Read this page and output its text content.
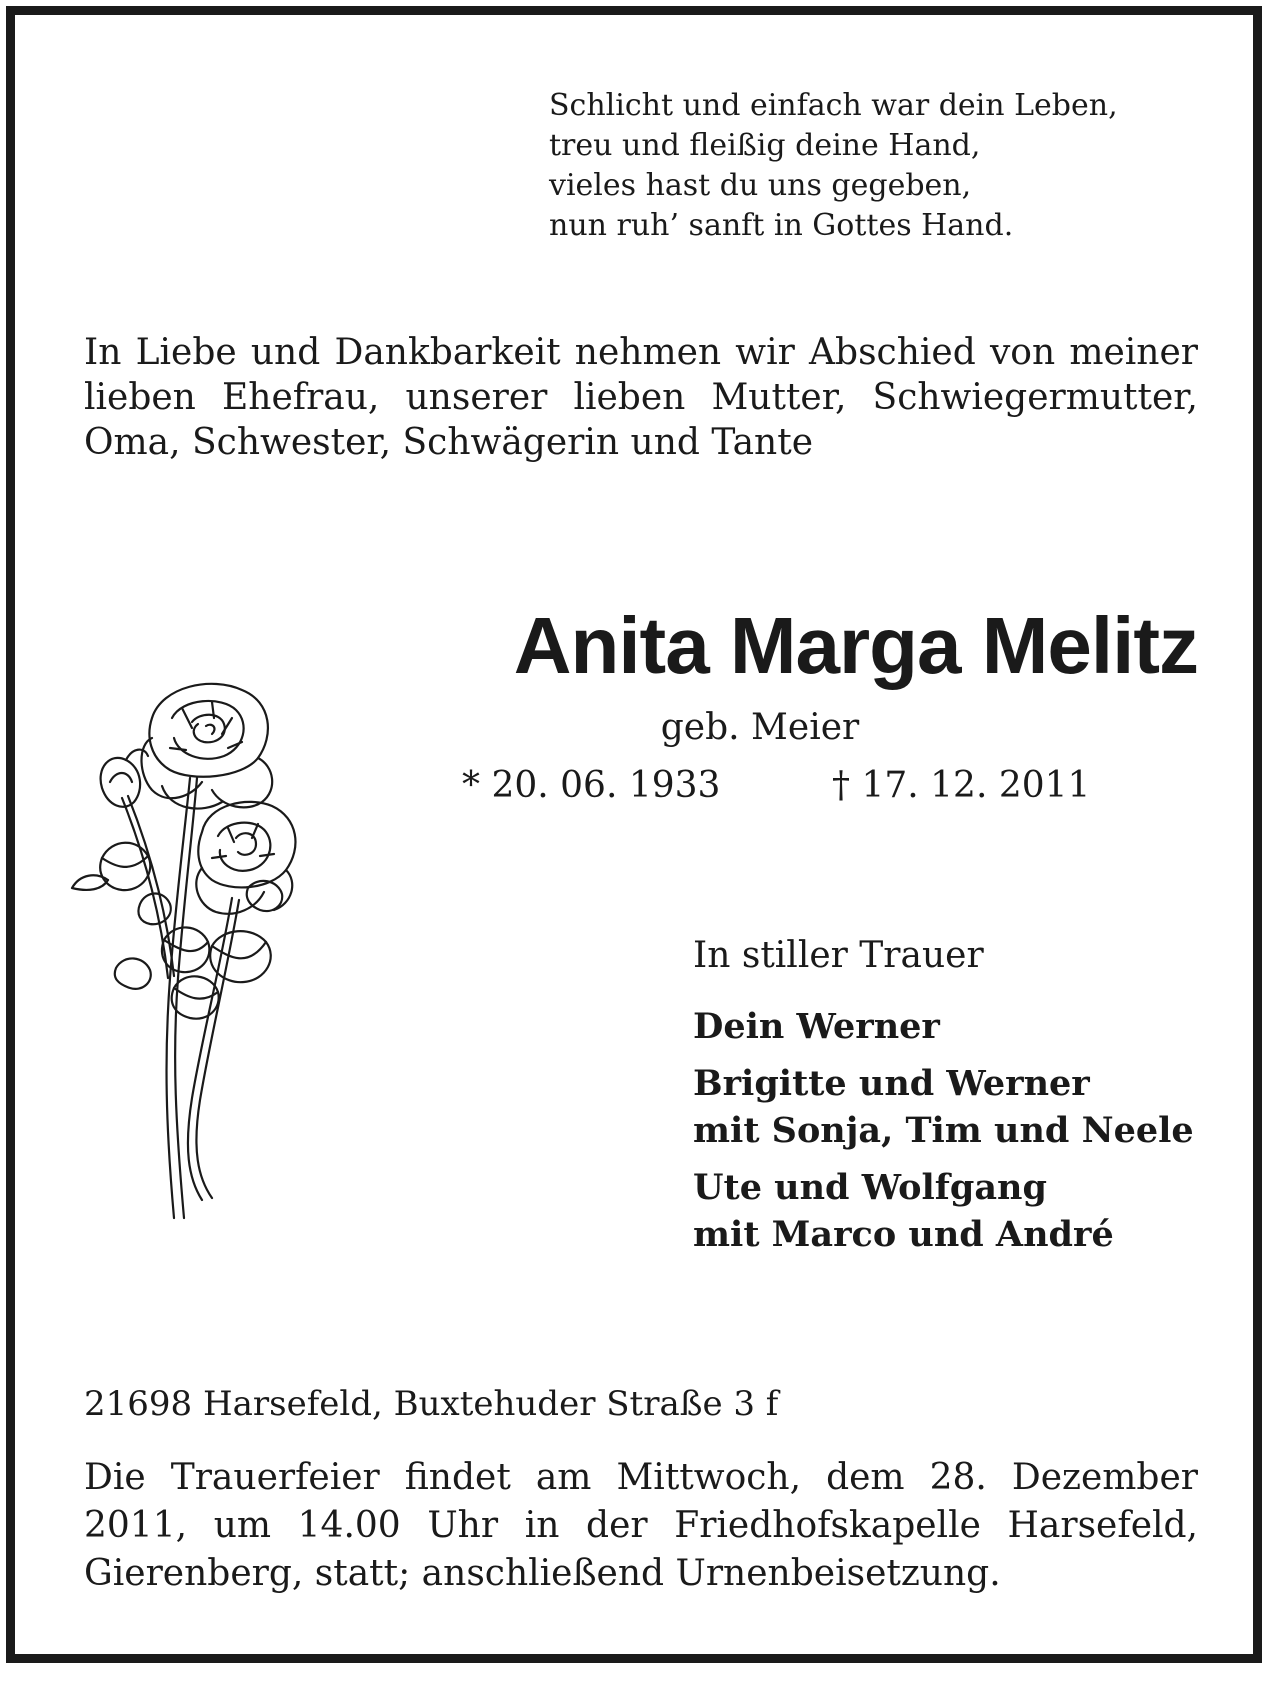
Schlicht und einfach war dein Leben,
treu und fleißig deine Hand,
vieles hast du uns gegeben,
nun ruh’ sanft in Gottes Hand.
In Liebe und Dankbarkeit nehmen wir Abschied von meiner lieben Ehefrau, unserer lieben Mutter, Schwiegermutter, Oma, Schwester, Schwägerin und Tante
Anita Marga Melitz
geb. Meier
* 20. 06. 1933	† 17. 12. 2011
In stiller Trauer
Dein Werner
Brigitte und Werner
mit Sonja, Tim und Neele
Ute und Wolfgang
mit Marco und André
21698 Harsefeld, Buxtehuder Straße 3 f
Die Trauerfeier findet am Mittwoch, dem 28. Dezember 2011, um 14.00 Uhr in der Friedhofskapelle Harsefeld, Gierenberg, statt; anschließend Urnenbeisetzung.
